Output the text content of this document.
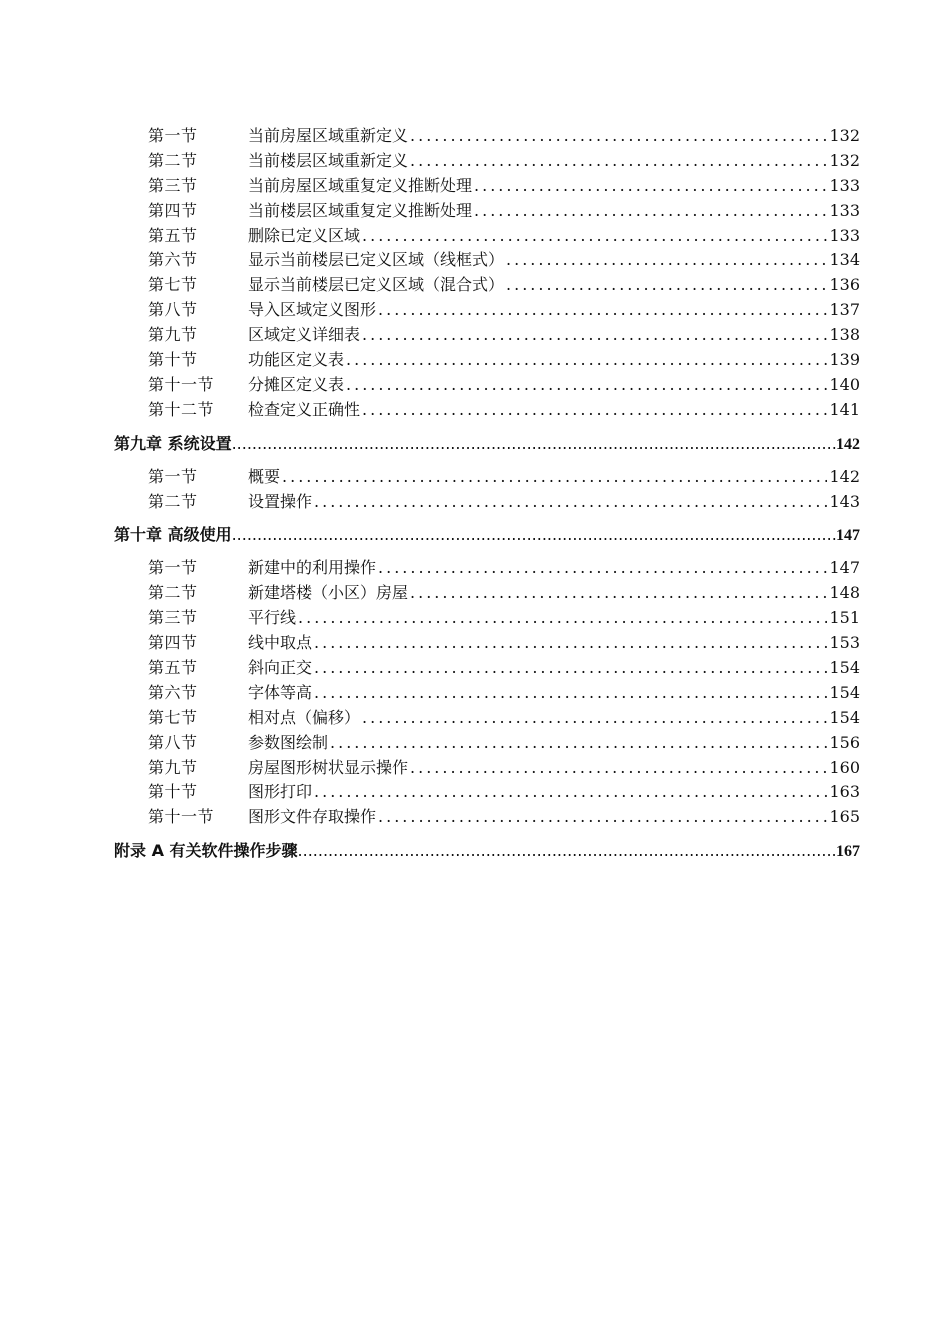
第一节	当前房屋区域重新定义 .....	132
第二节	当前楼层区域重新定义 .....	132
第三节	当前房屋区域重复定义推断处理 .....	133
第四节	当前楼层区域重复定义推断处理 .....	133
第五节	删除已定义区域 .....	133
第六节	显示当前楼层已定义区域（线框式） .....	134
第七节	显示当前楼层已定义区域（混合式） .....	136
第八节	导入区域定义图形 .....	137
第九节	区域定义详细表 .....	138
第十节	功能区定义表 .....	139
第十一节	分摊区定义表 .....	140
第十二节	检查定义正确性 .....	141
第九章 系统设置 .....	142
第一节	概要 .....	142
第二节	设置操作 .....	143
第十章 高级使用 .....	147
第一节	新建中的利用操作 .....	147
第二节	新建塔楼（小区）房屋 .....	148
第三节	平行线 .....	151
第四节	线中取点 .....	153
第五节	斜向正交 .....	154
第六节	字体等高 .....	154
第七节	相对点（偏移） .....	154
第八节	参数图绘制 .....	156
第九节	房屋图形树状显示操作 .....	160
第十节	图形打印 .....	163
第十一节	图形文件存取操作 .....	165
附录 A 有关软件操作步骤 .....	167
